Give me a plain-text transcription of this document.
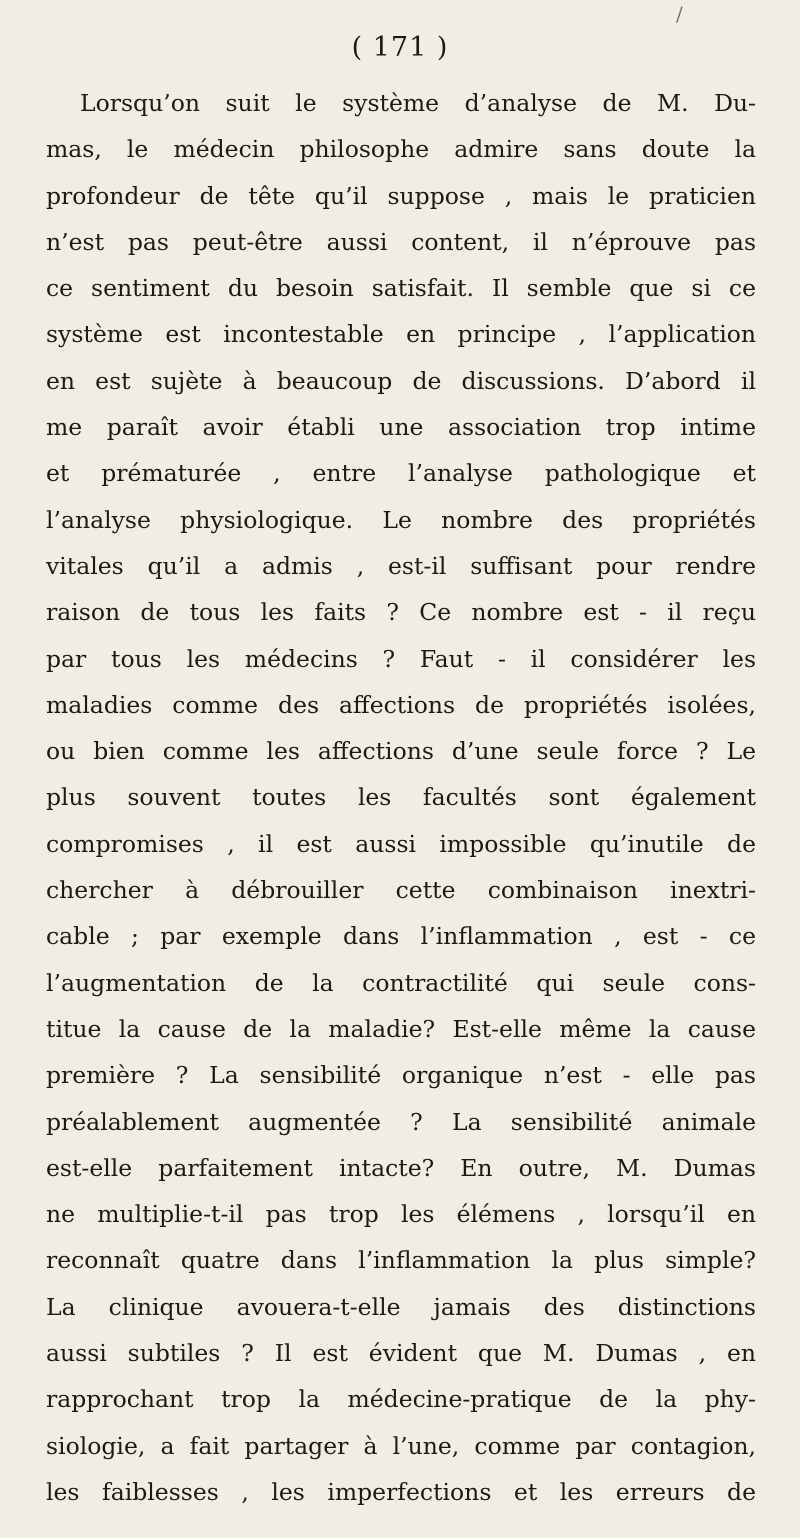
/
( 171 )
Lorsqu’on suit le système d’analyse de M. Du-
mas, le médecin philosophe admire sans doute la
profondeur de tête qu’il suppose , mais le praticien
n’est pas peut-être aussi content, il n’éprouve pas
ce sentiment du besoin satisfait. Il semble que si ce
système est incontestable en principe , l’application
en est sujète à beaucoup de discussions. D’abord il
me paraît avoir établi une association trop intime
et prématurée , entre l’analyse pathologique et
l’analyse physiologique. Le nombre des propriétés
vitales qu’il a admis , est-il suffisant pour rendre
raison de tous les faits ? Ce nombre est - il reçu
par tous les médecins ? Faut - il considérer les
maladies comme des affections de propriétés isolées,
ou bien comme les affections d’une seule force ? Le
plus souvent toutes les facultés sont également
compromises , il est aussi impossible qu’inutile de
chercher à débrouiller cette combinaison inextri-
cable ; par exemple dans l’inflammation , est - ce
l’augmentation de la contractilité qui seule cons-
titue la cause de la maladie? Est-elle même la cause
première ? La sensibilité organique n’est - elle pas
préalablement augmentée ? La sensibilité animale
est-elle parfaitement intacte? En outre, M. Dumas
ne multiplie-t-il pas trop les élémens , lorsqu’il en
reconnaît quatre dans l’inflammation la plus simple?
La clinique avouera-t-elle jamais des distinctions
aussi subtiles ? Il est évident que M. Dumas , en
rapprochant trop la médecine-pratique de la phy-
siologie, a fait partager à l’une, comme par contagion,
les faiblesses , les imperfections et les erreurs de
